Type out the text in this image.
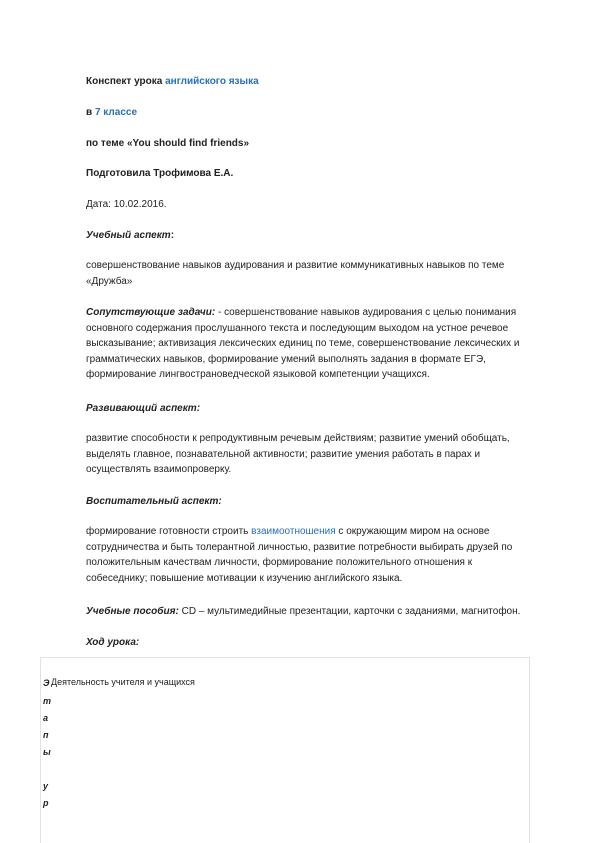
Конспект урока английского языка
в 7 классе
по теме «You should find friends»
Подготовила Трофимова Е.А.
Дата: 10.02.2016.
Учебный аспект:
совершенствование навыков аудирования и развитие коммуникативных навыков по теме «Дружба»
Сопутствующие задачи: - совершенствование навыков аудирования с целью понимания основного содержания прослушанного текста и последующим выходом на устное речевое высказывание; активизация лексических единиц по теме, совершенствование лексических и грамматических навыков, формирование умений выполнять задания в формате ЕГЭ, формирование лингвострановедческой языковой компетенции учащихся.
Развивающий аспект:
развитие способности к репродуктивным речевым действиям; развитие умений обобщать, выделять главное, познавательной активности; развитие умения работать в парах и осуществлять взаимопроверку.
Воспитательный аспект:
формирование готовности строить взаимоотношения с окружающим миром на основе сотрудничества и быть толерантной личностью, развитие потребности выбирать друзей по положительным качествам личности, формирование положительного отношения к собеседнику; повышение мотивации к изучению английского языка.
Учебные пособия: CD – мультимедийные презентации, карточки с заданиями, магнитофон.
Ход урока:
Э
т
а
п
ы
у
р
Деятельность учителя и учащихся
